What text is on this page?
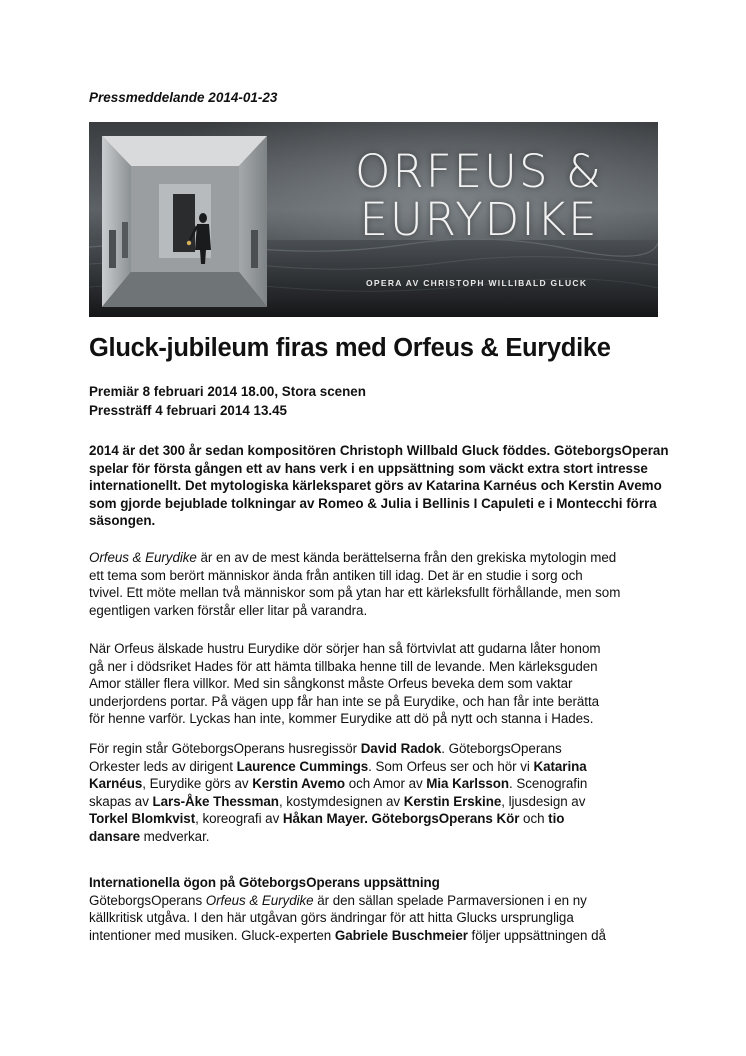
Pressmeddelande 2014-01-23
ORFEUS &
EURYDIKE
OPERA AV CHRISTOPH WILLIBALD GLUCK
Gluck-jubileum firas med Orfeus & Eurydike
Premiär 8 februari 2014 18.00, Stora scenen
Pressträff 4 februari 2014 13.45
2014 är det 300 år sedan kompositören Christoph Willbald Gluck föddes. GöteborgsOperan spelar för första gången ett av hans verk i en uppsättning som väckt extra stort intresse internationellt. Det mytologiska kärleksparet görs av Katarina Karnéus och Kerstin Avemo som gjorde bejublade tolkningar av Romeo & Julia i Bellinis I Capuleti e i Montecchi förra säsongen.
Orfeus & Eurydike är en av de mest kända berättelserna från den grekiska mytologin med
ett tema som berört människor ända från antiken till idag. Det är en studie i sorg och
tvivel. Ett möte mellan två människor som på ytan har ett kärleksfullt förhållande, men som
egentligen varken förstår eller litar på varandra.
När Orfeus älskade hustru Eurydike dör sörjer han så förtvivlat att gudarna låter honom
gå ner i dödsriket Hades för att hämta tillbaka henne till de levande. Men kärleksguden
Amor ställer flera villkor. Med sin sångkonst måste Orfeus beveka dem som vaktar
underjordens portar. På vägen upp får han inte se på Eurydike, och han får inte berätta
för henne varför. Lyckas han inte, kommer Eurydike att dö på nytt och stanna i Hades.
För regin står GöteborgsOperans husregissör David Radok. GöteborgsOperans
Orkester leds av dirigent Laurence Cummings. Som Orfeus ser och hör vi Katarina
Karnéus, Eurydike görs av Kerstin Avemo och Amor av Mia Karlsson. Scenografin
skapas av Lars-Åke Thessman, kostymdesignen av Kerstin Erskine, ljusdesign av
Torkel Blomkvist, koreografi av Håkan Mayer. GöteborgsOperans Kör och tio
dansare medverkar.
Internationella ögon på GöteborgsOperans uppsättning
GöteborgsOperans Orfeus & Eurydike är den sällan spelade Parmaversionen i en ny
källkritisk utgåva. I den här utgåvan görs ändringar för att hitta Glucks ursprungliga
intentioner med musiken. Gluck-experten Gabriele Buschmeier följer uppsättningen då
